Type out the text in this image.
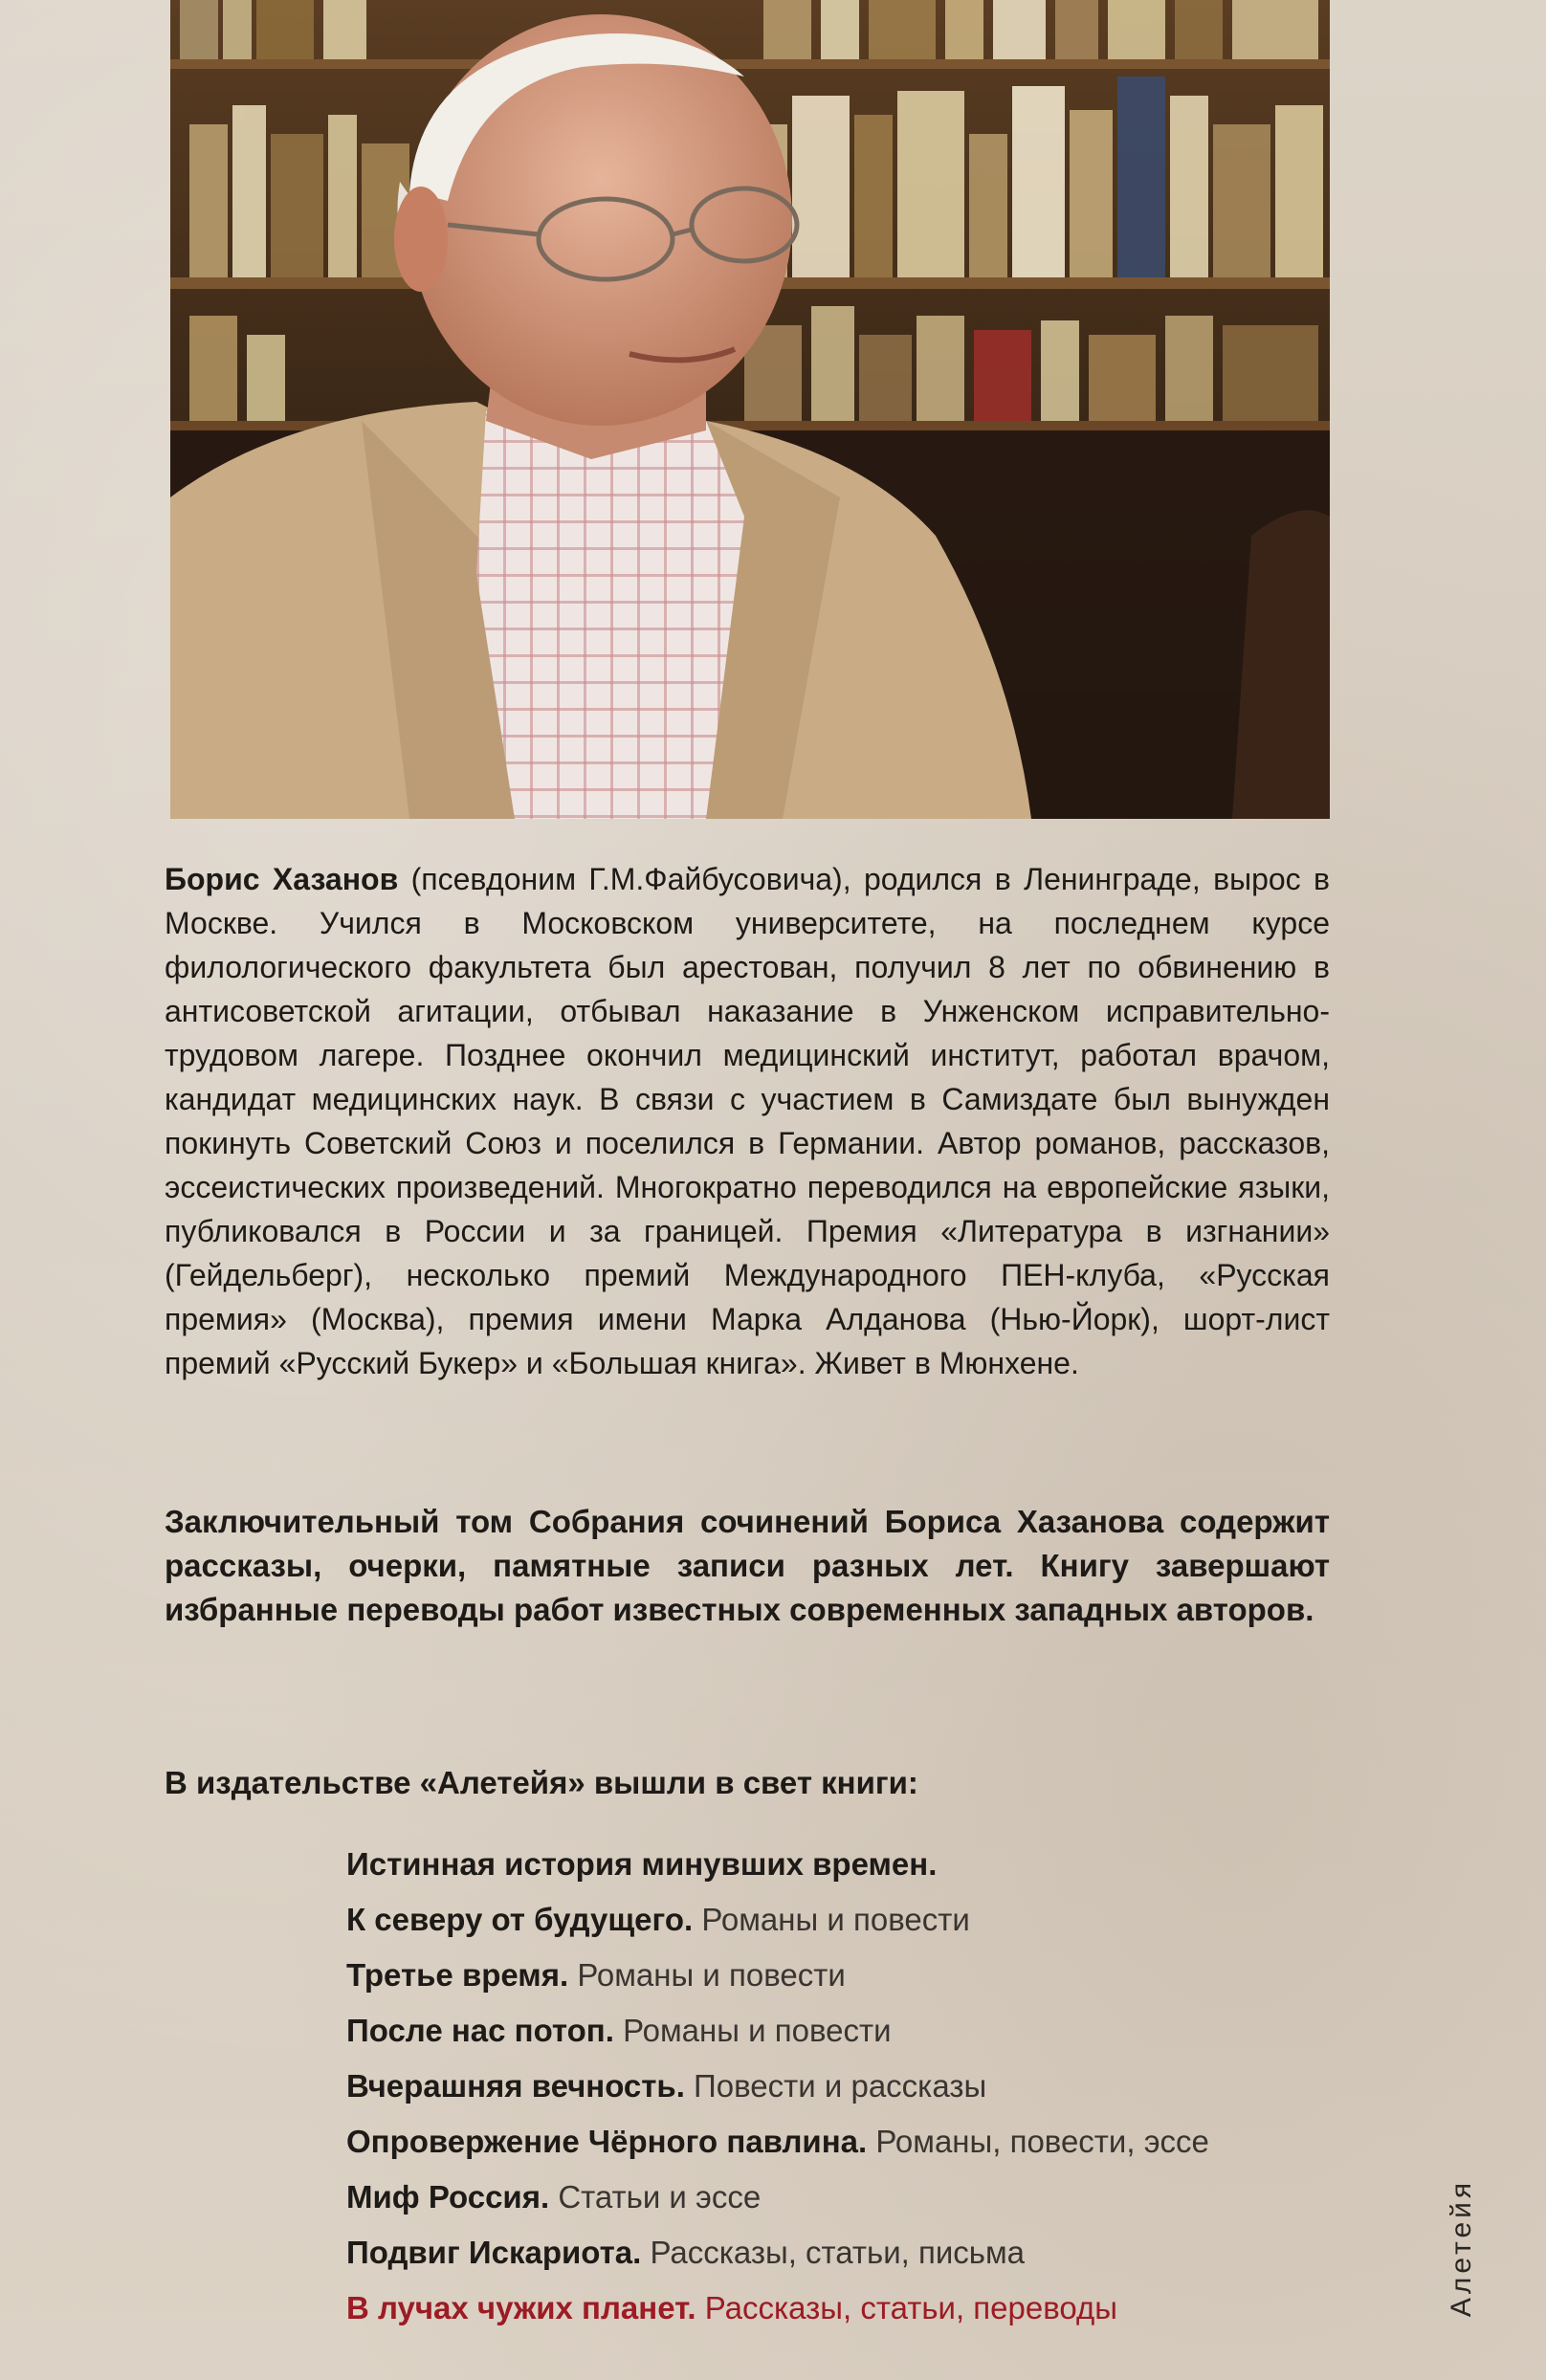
Борис Хазанов (псевдоним Г.М.Файбусовича), родился в Ленинграде, вырос в Москве. Учился в Московском университете, на последнем курсе филологического факультета был арестован, получил 8 лет по обвинению в антисоветской агитации, отбывал наказание в Унженском исправительно-трудовом лагере. Позднее окончил медицинский институт, работал врачом, кандидат медицинских наук. В связи с участием в Самиздате был вынужден покинуть Советский Союз и поселился в Германии. Автор романов, рассказов, эссеистических произведений. Многократно переводился на европейские языки, публиковался в России и за границей. Премия «Литература в изгнании» (Гейдельберг), несколько премий Международного ПЕН-клуба, «Русская премия» (Москва), премия имени Марка Алданова (Нью-Йорк), шорт-лист премий «Русский Букер» и «Большая книга». Живет в Мюнхене.
Заключительный том Собрания сочинений Бориса Хазанова содержит рассказы, очерки, памятные записи разных лет. Книгу завершают избранные переводы работ известных современных западных авторов.
В издательстве «Алетейя» вышли в свет книги:
Истинная история минувших времен.
К северу от будущего. Романы и повести
Третье время. Романы и повести
После нас потоп. Романы и повести
Вчерашняя вечность. Повести и рассказы
Опровержение Чёрного павлина. Романы, повести, эссе
Миф Россия. Статьи и эссе
Подвиг Искариота. Рассказы, статьи, письма
В лучах чужих планет. Рассказы, статьи, переводы	Алетейя
